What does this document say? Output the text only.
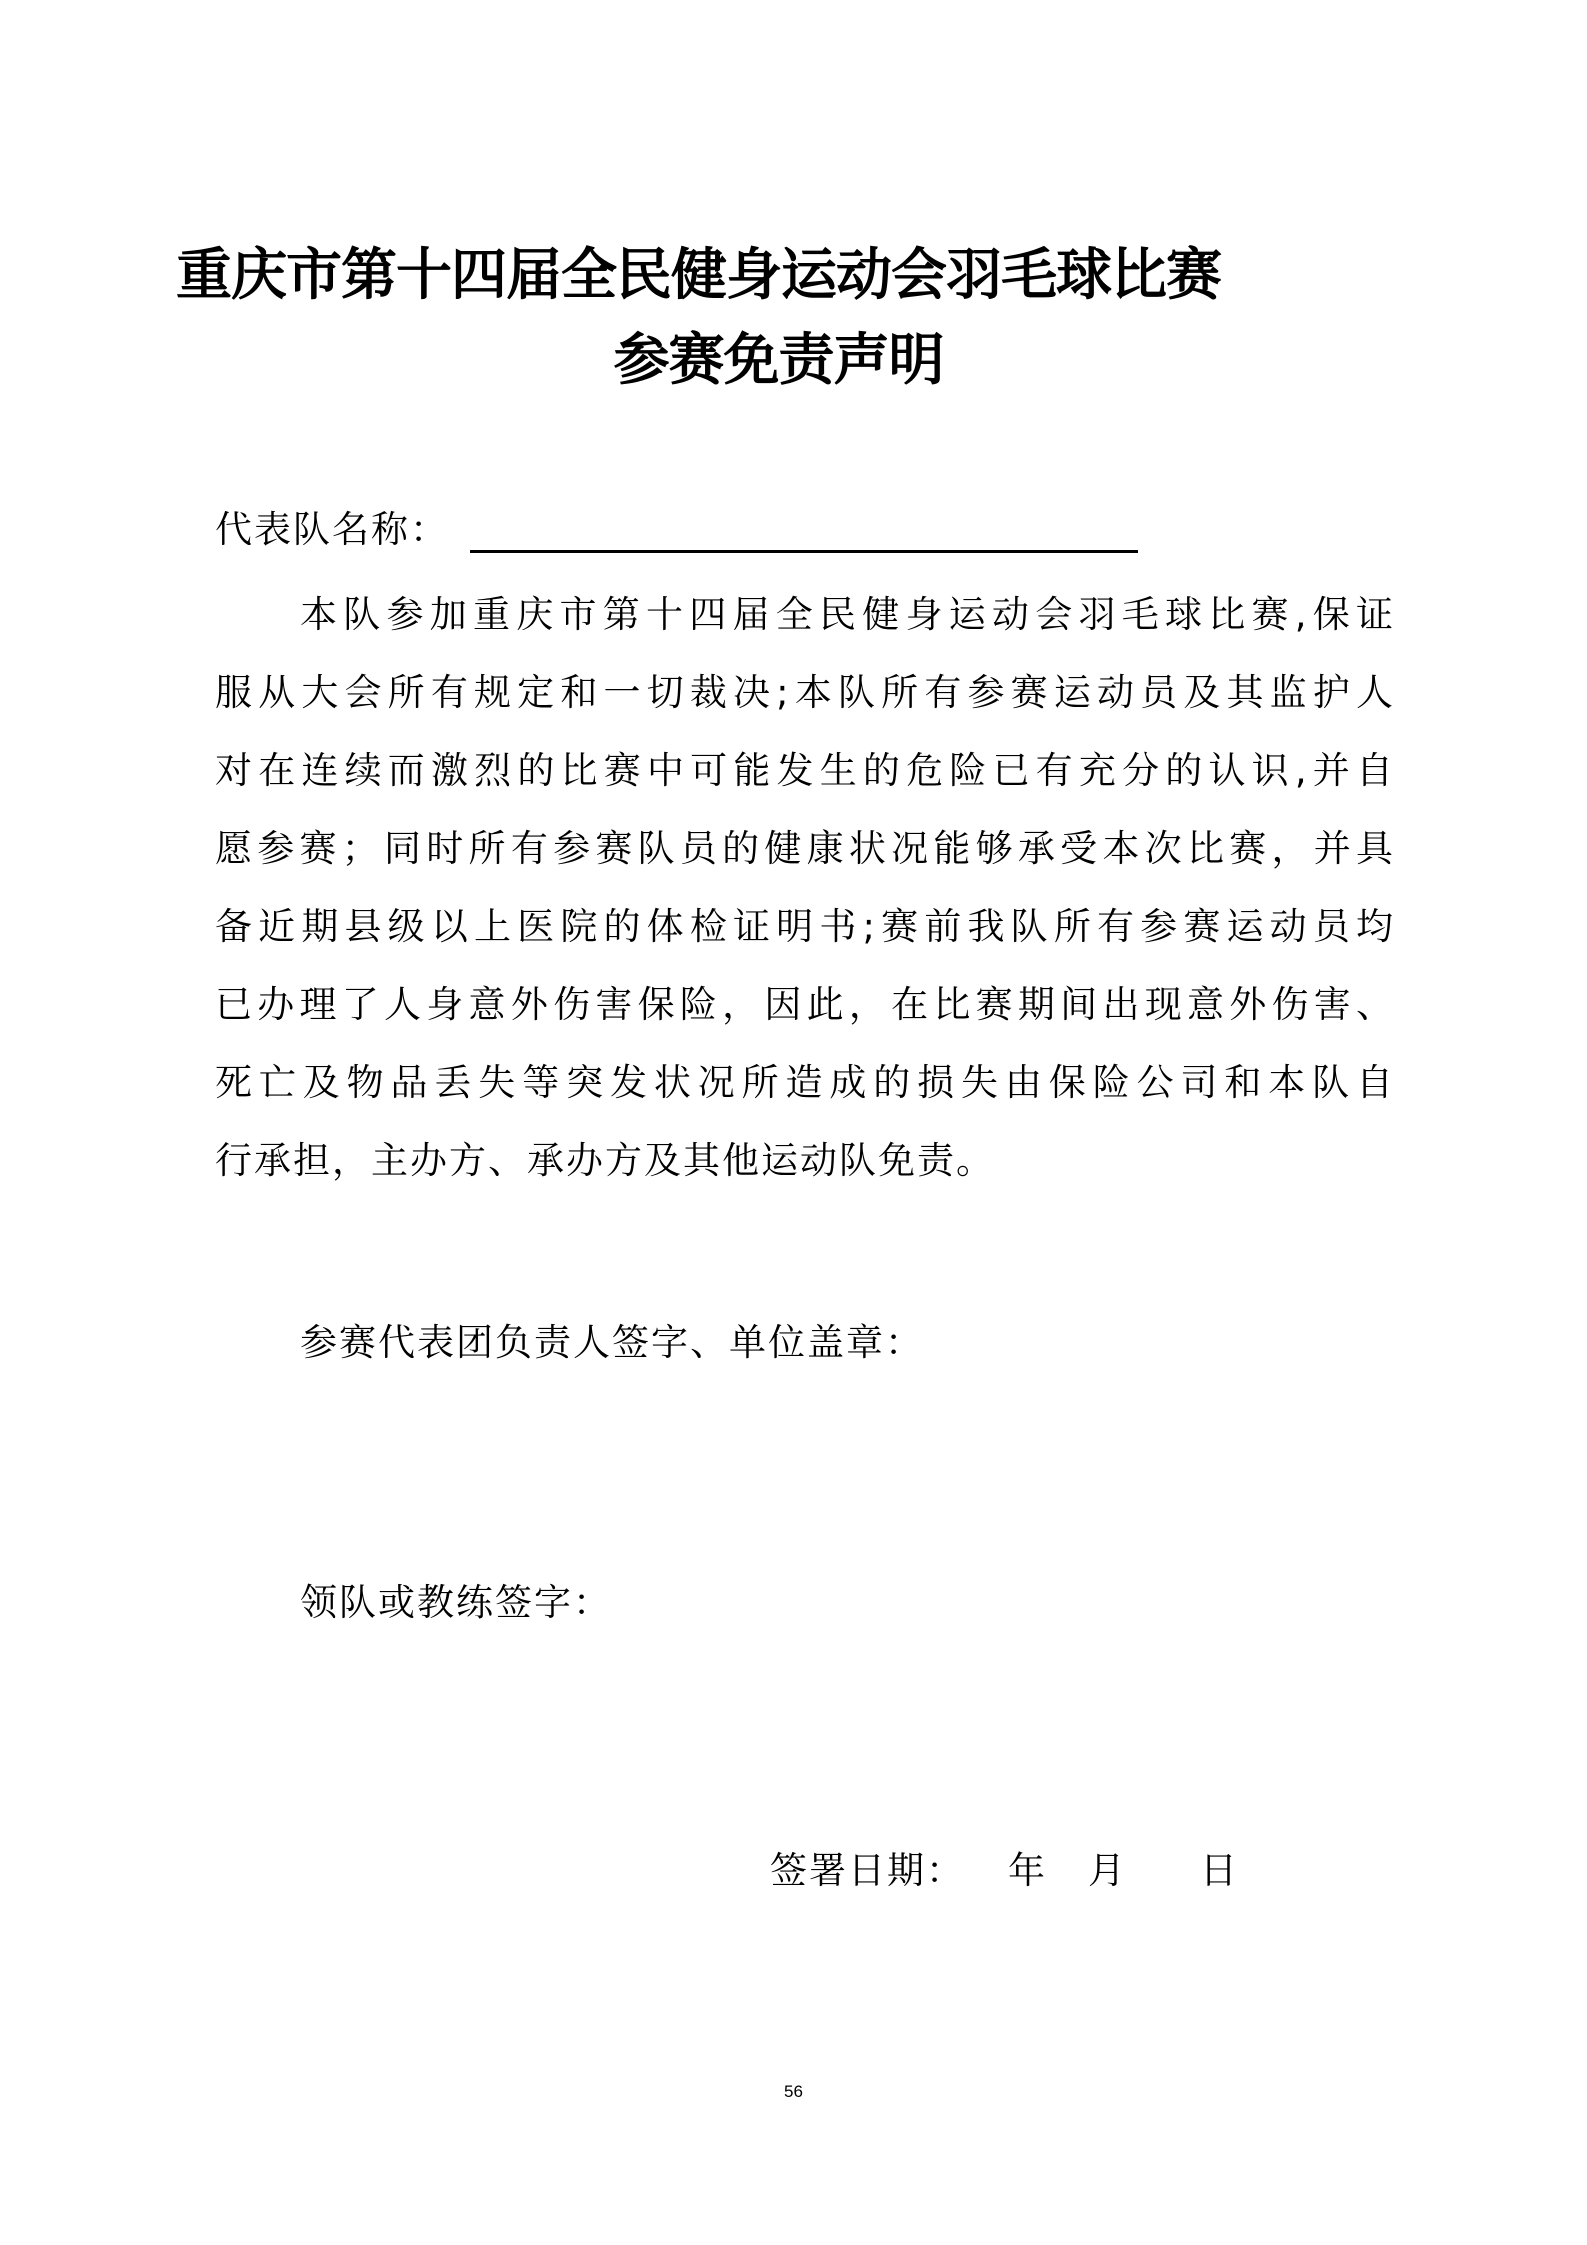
重庆市第十四届全民健身运动会羽毛球比赛
参赛免责声明
代表队名称：
本队参加重庆市第十四届全民健身运动会羽毛球比赛,保证
服从大会所有规定和一切裁决;本队所有参赛运动员及其监护人
对在连续而激烈的比赛中可能发生的危险已有充分的认识,并自
愿参赛；同时所有参赛队员的健康状况能够承受本次比赛，并具
备近期县级以上医院的体检证明书;赛前我队所有参赛运动员均
已办理了人身意外伤害保险，因此，在比赛期间出现意外伤害、
死亡及物品丢失等突发状况所造成的损失由保险公司和本队自
行承担，主办方、承办方及其他运动队免责。
参赛代表团负责人签字、单位盖章：
领队或教练签字：
签署日期： 年 月 日
56
